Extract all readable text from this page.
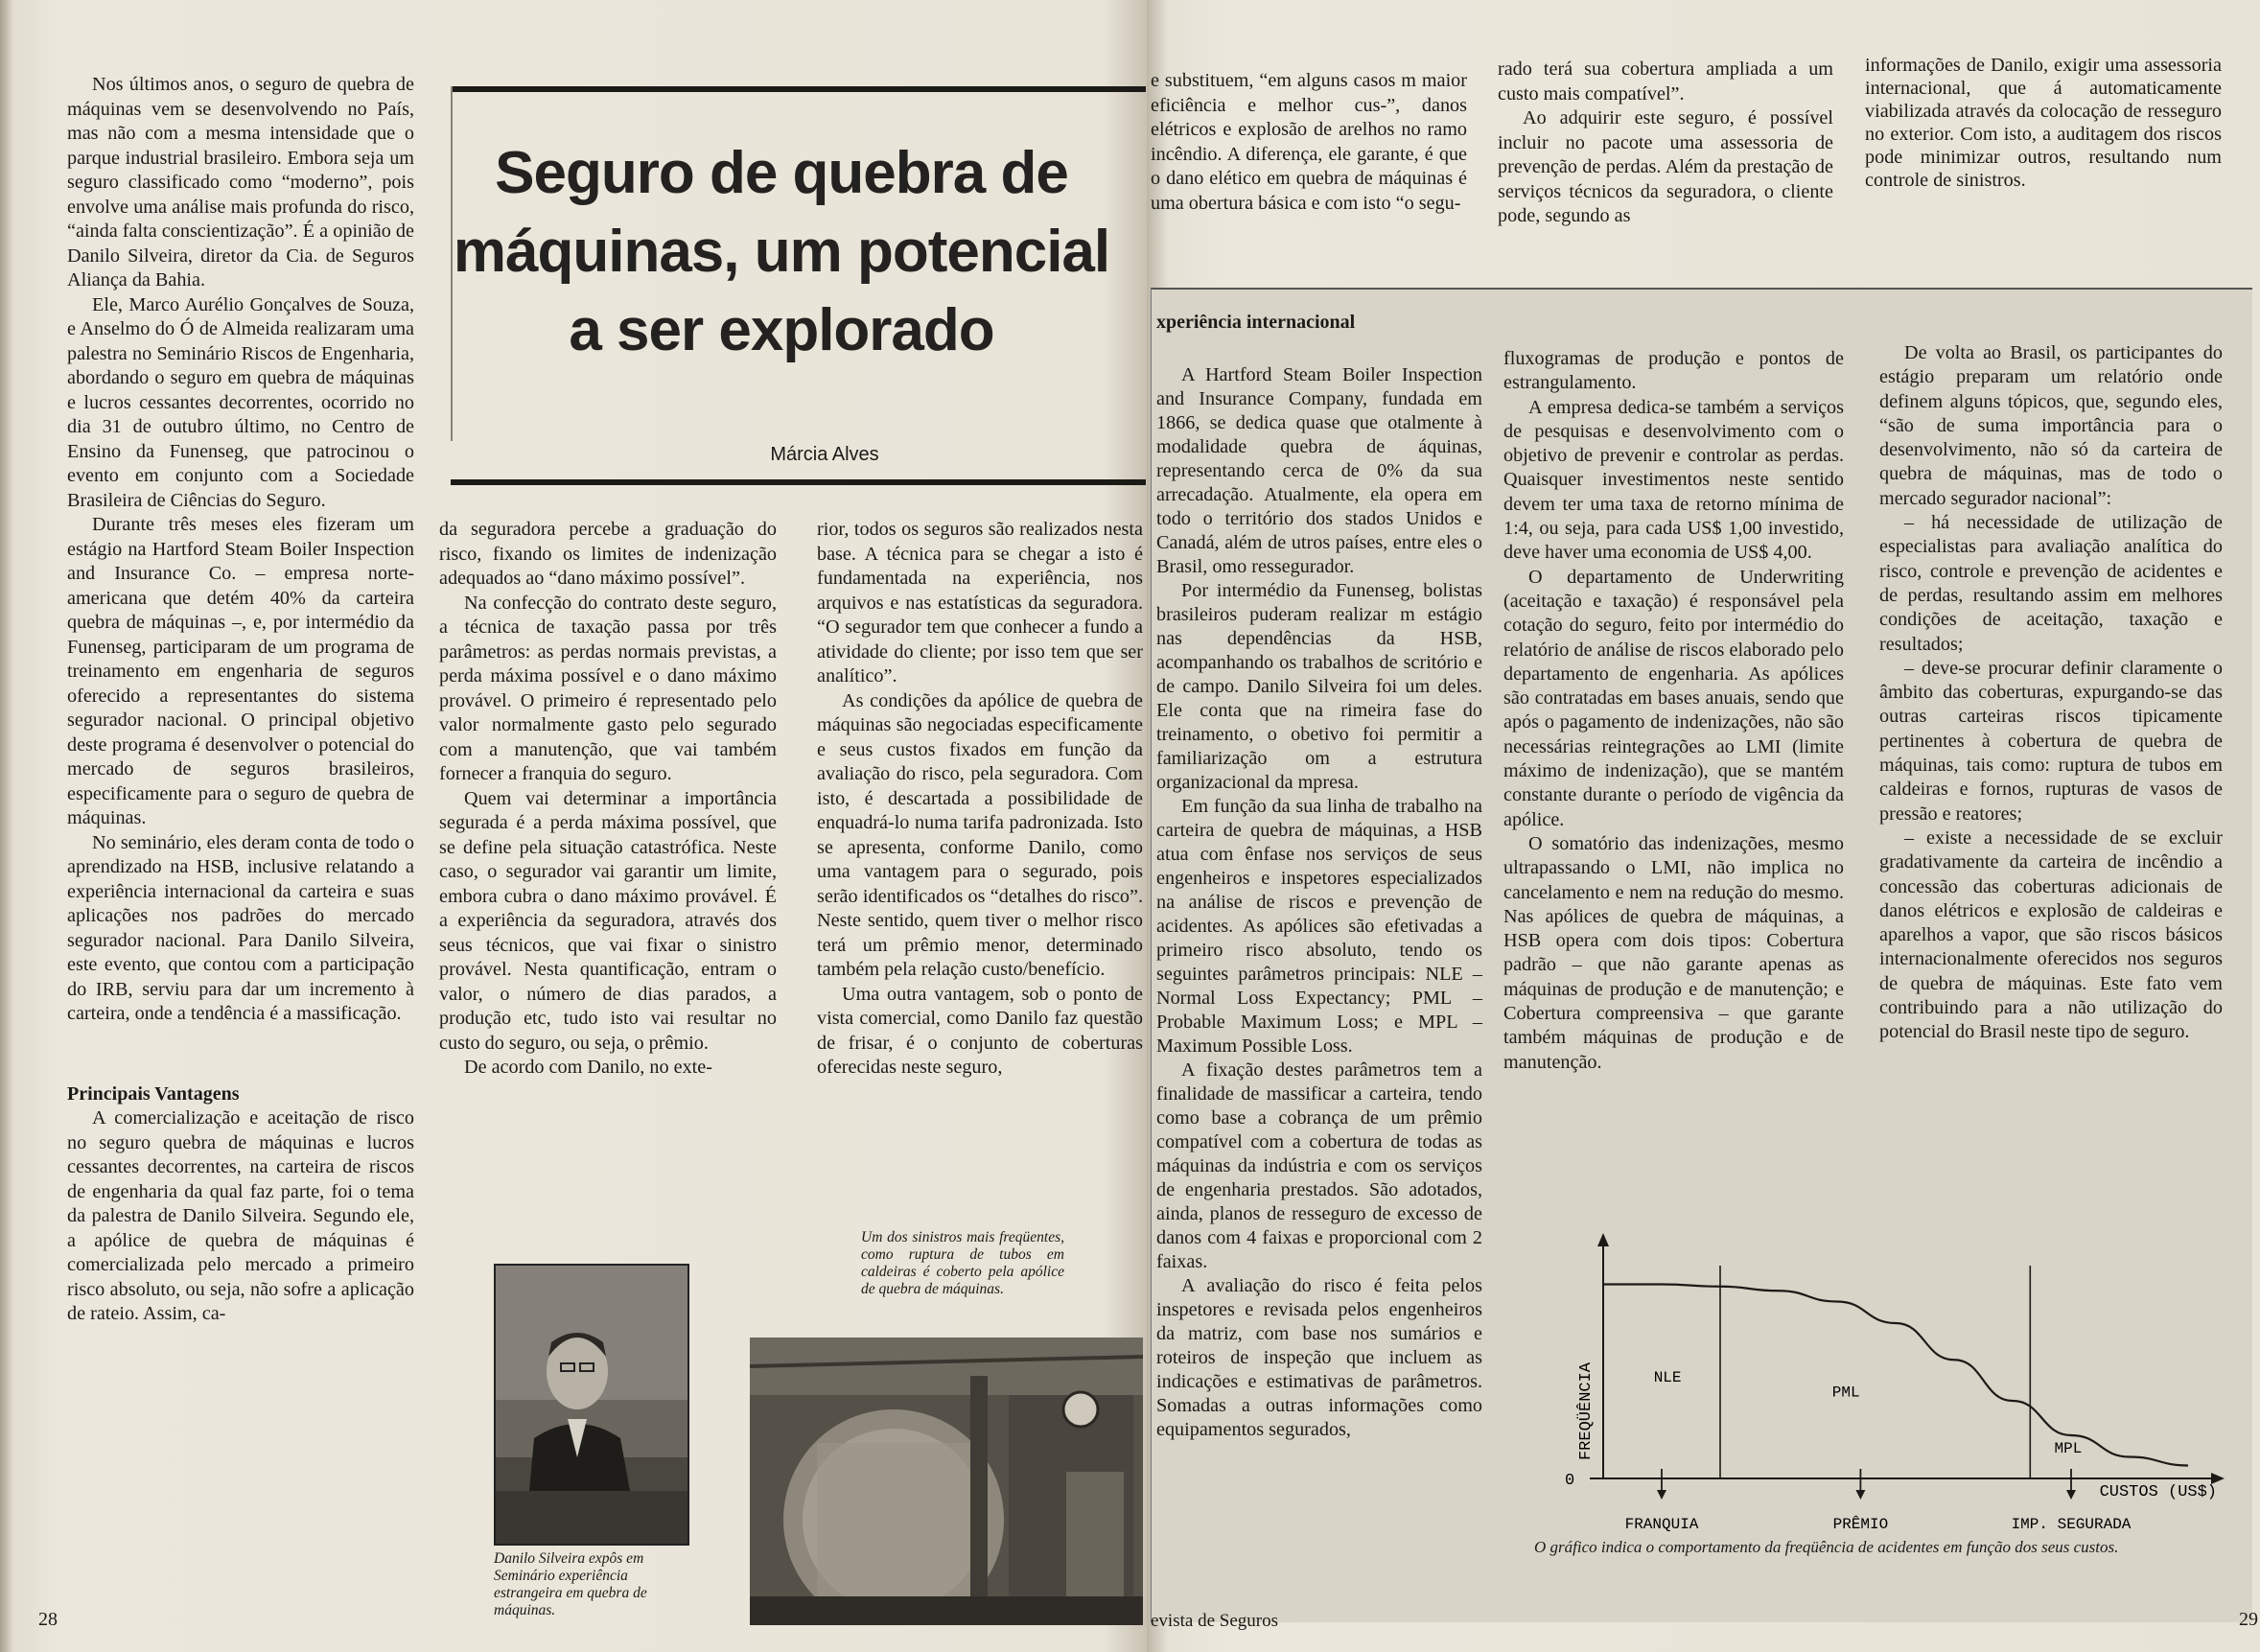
Nos últimos anos, o seguro de quebra de máquinas vem se desenvolvendo no País, mas não com a mesma intensidade que o parque industrial brasileiro. Embora seja um seguro classificado como “moderno”, pois envolve uma análise mais profunda do risco, “ainda falta conscientização”. É a opinião de Danilo Silveira, diretor da Cia. de Seguros Aliança da Bahia.

Ele, Marco Aurélio Gonçalves de Souza, e Anselmo do Ó de Almeida realizaram uma palestra no Seminário Riscos de Engenharia, abordando o seguro em quebra de máquinas e lucros cessantes decorrentes, ocorrido no dia 31 de outubro último, no Centro de Ensino da Funenseg, que patrocinou o evento em conjunto com a Sociedade Brasileira de Ciências do Seguro.

Durante três meses eles fizeram um estágio na Hartford Steam Boiler Inspection and Insurance Co. – empresa norte-americana que detém 40% da carteira quebra de máquinas –, e, por intermédio da Funenseg, participaram de um programa de treinamento em engenharia de seguros oferecido a representantes do sistema segurador nacional. O principal objetivo deste programa é desenvolver o potencial do mercado de seguros brasileiros, especificamente para o seguro de quebra de máquinas.

No seminário, eles deram conta de todo o aprendizado na HSB, inclusive relatando a experiência internacional da carteira e suas aplicações nos padrões do mercado segurador nacional. Para Danilo Silveira, este evento, que contou com a participação do IRB, serviu para dar um incremento à carteira, onde a tendência é a massificação.

Principais Vantagens

A comercialização e aceitação de risco no seguro quebra de máquinas e lucros cessantes decorrentes, na carteira de riscos de engenharia da qual faz parte, foi o tema da palestra de Danilo Silveira. Segundo ele, a apólice de quebra de máquinas é comercializada pelo mercado a primeiro risco absoluto, ou seja, não sofre a aplicação de rateio. Assim, ca-

Seguro de quebra de
máquinas, um potencial
a ser explorado
Márcia Alves

da seguradora percebe a graduação do risco, fixando os limites de indenização adequados ao “dano máximo possível”.

Na confecção do contrato deste seguro, a técnica de taxação passa por três parâmetros: as perdas normais previstas, a perda máxima possível e o dano máximo provável. O primeiro é representado pelo valor normalmente gasto pelo segurado com a manutenção, que vai também fornecer a franquia do seguro.

Quem vai determinar a importância segurada é a perda máxima possível, que se define pela situação catastrófica. Neste caso, o segurador vai garantir um limite, embora cubra o dano máximo provável. É a experiência da seguradora, através dos seus técnicos, que vai fixar o sinistro provável. Nesta quantificação, entram o valor, o número de dias parados, a produção etc, tudo isto vai resultar no custo do seguro, ou seja, o prêmio.

De acordo com Danilo, no exte-

rior, todos os seguros são realizados nesta base. A técnica para se chegar a isto é fundamentada na experiência, nos arquivos e nas estatísticas da seguradora. “O segurador tem que conhecer a fundo a atividade do cliente; por isso tem que ser analítico”.

As condições da apólice de quebra de máquinas são negociadas especificamente e seus custos fixados em função da avaliação do risco, pela seguradora. Com isto, é descartada a possibilidade de enquadrá-lo numa tarifa padronizada. Isto se apresenta, conforme Danilo, como uma vantagem para o segurado, pois serão identificados os “detalhes do risco”. Neste sentido, quem tiver o melhor risco terá um prêmio menor, determinado também pela relação custo/benefício.

Uma outra vantagem, sob o ponto de vista comercial, como Danilo faz questão de frisar, é o conjunto de coberturas oferecidas neste seguro,

Danilo Silveira expôs em Seminário experiência estrangeira em quebra de máquinas.
Um dos sinistros mais freqüentes, como ruptura de tubos em caldeiras é coberto pela apólice de quebra de máquinas.
28

e substituem, “em alguns casos m maior eficiência e melhor cus-”, danos elétricos e explosão de arelhos no ramo incêndio. A diferença, ele garante, é que o dano elético em quebra de máquinas é uma obertura básica e com isto “o segu-

rado terá sua cobertura ampliada a um custo mais compatível”.

Ao adquirir este seguro, é possível incluir no pacote uma assessoria de prevenção de perdas. Além da prestação de serviços técnicos da seguradora, o cliente pode, segundo as

informações de Danilo, exigir uma assessoria internacional, que á automaticamente viabilizada através da colocação de resseguro no exterior. Com isto, a auditagem dos riscos pode minimizar outros, resultando num controle de sinistros.

xperiência internacional

A Hartford Steam Boiler Inspection and Insurance Company, fundada em 1866, se dedica quase que otalmente à modalidade quebra de áquinas, representando cerca de 0% da sua arrecadação. Atualmente, ela opera em todo o território dos stados Unidos e Canadá, além de utros países, entre eles o Brasil, omo ressegurador.

Por intermédio da Funenseg, bolistas brasileiros puderam realizar m estágio nas dependências da HSB, acompanhando os trabalhos de scritório e de campo. Danilo Silveira foi um deles. Ele conta que na rimeira fase do treinamento, o obetivo foi permitir a familiarização om a estrutura organizacional da mpresa.

Em função da sua linha de trabalho na carteira de quebra de máquinas, a HSB atua com ênfase nos serviços de seus engenheiros e inspetores especializados na análise de riscos e prevenção de acidentes. As apólices são efetivadas a primeiro risco absoluto, tendo os seguintes parâmetros principais: NLE – Normal Loss Expectancy; PML – Probable Maximum Loss; e MPL – Maximum Possible Loss.

A fixação destes parâmetros tem a finalidade de massificar a carteira, tendo como base a cobrança de um prêmio compatível com a cobertura de todas as máquinas da indústria e com os serviços de engenharia prestados. São adotados, ainda, planos de resseguro de excesso de danos com 4 faixas e proporcional com 2 faixas.

A avaliação do risco é feita pelos inspetores e revisada pelos engenheiros da matriz, com base nos sumários e roteiros de inspeção que incluem as indicações e estimativas de parâmetros. Somadas a outras informações como equipamentos segurados,

fluxogramas de produção e pontos de estrangulamento.

A empresa dedica-se também a serviços de pesquisas e desenvolvimento com o objetivo de prevenir e controlar as perdas. Quaisquer investimentos neste sentido devem ter uma taxa de retorno mínima de 1:4, ou seja, para cada US$ 1,00 investido, deve haver uma economia de US$ 4,00.

O departamento de Underwriting (aceitação e taxação) é responsável pela cotação do seguro, feito por intermédio do relatório de análise de riscos elaborado pelo departamento de engenharia. As apólices são contratadas em bases anuais, sendo que após o pagamento de indenizações, não são necessárias reintegrações ao LMI (limite máximo de indenização), que se mantém constante durante o período de vigência da apólice.

O somatório das indenizações, mesmo ultrapassando o LMI, não implica no cancelamento e nem na redução do mesmo. Nas apólices de quebra de máquinas, a HSB opera com dois tipos: Cobertura padrão – que não garante apenas as máquinas de produção e de manutenção; e Cobertura compreensiva – que garante também máquinas de produção e de manutenção.

De volta ao Brasil, os participantes do estágio preparam um relatório onde definem alguns tópicos, que, segundo eles, “são de suma importância para o desenvolvimento, não só da carteira de quebra de máquinas, mas de todo o mercado segurador nacional”:

– há necessidade de utilização de especialistas para avaliação analítica do risco, controle e prevenção de acidentes e de perdas, resultando assim em melhores condições de aceitação, taxação e resultados;

– deve-se procurar definir claramente o âmbito das coberturas, expurgando-se das outras carteiras riscos tipicamente pertinentes à cobertura de quebra de máquinas, tais como: ruptura de tubos em caldeiras e fornos, rupturas de vasos de pressão e reatores;

– existe a necessidade de se excluir gradativamente da carteira de incêndio a concessão das coberturas adicionais de danos elétricos e explosão de caldeiras e aparelhos a vapor, que são riscos básicos internacionalmente oferecidos nos seguros de quebra de máquinas. Este fato vem contribuindo para a não utilização do potencial do Brasil neste tipo de seguro.

0
FREQÜÊNCIA
CUSTOS (US$)
NLE
PML
MPL
FRANQUIA	PRÊMIO	IMP. SEGURADA
O gráfico indica o comportamento da freqüência de acidentes em função dos seus custos.
evista de Seguros	29
